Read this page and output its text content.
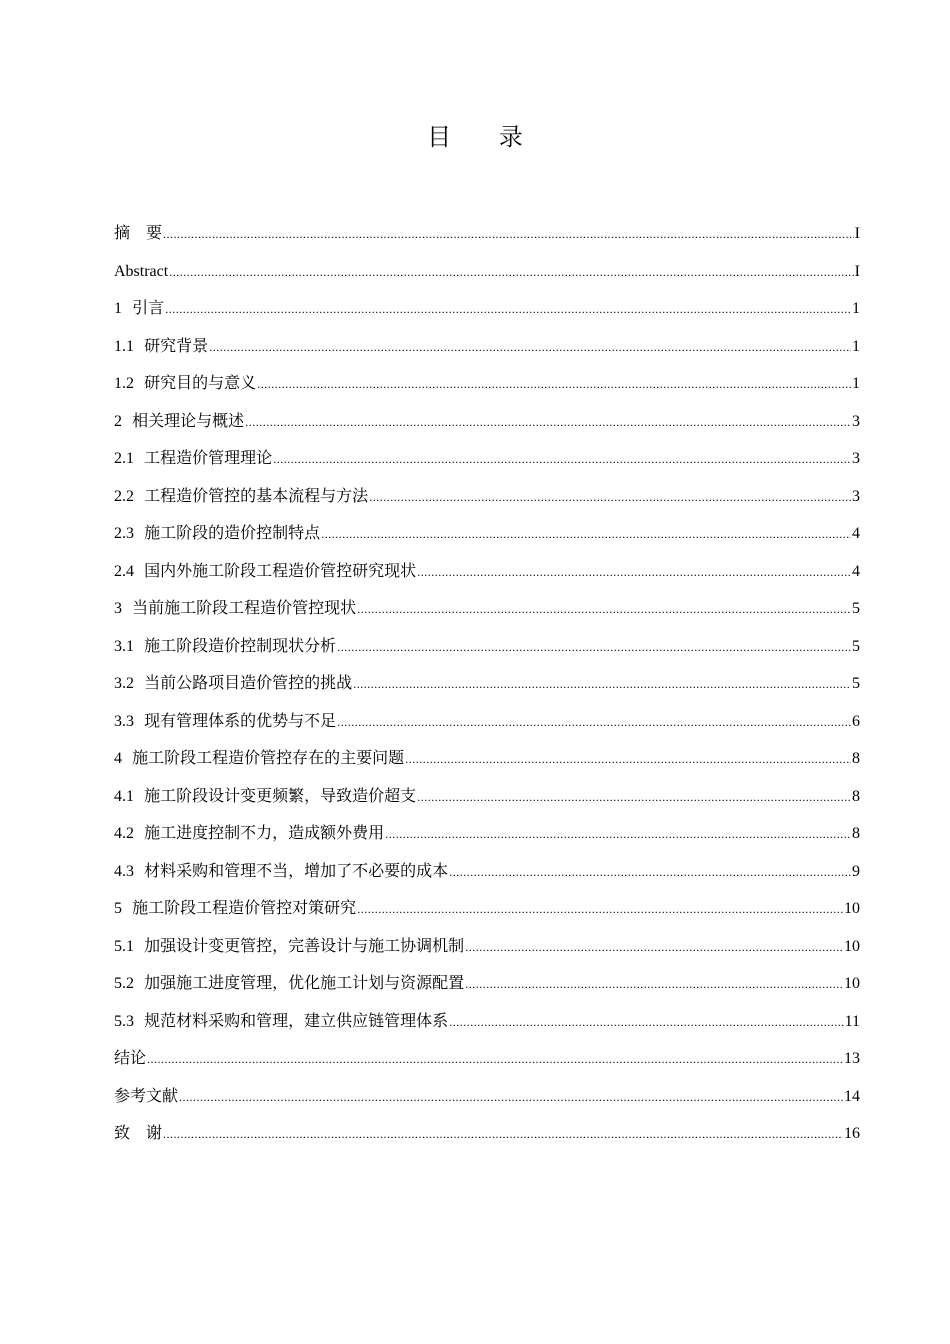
目 录
摘　要 .....	I
Abstract .....	I
1 引言 .....	1
1.1 研究背景 .....	1
1.2 研究目的与意义 .....	1
2 相关理论与概述 .....	3
2.1 工程造价管理理论 .....	3
2.2 工程造价管控的基本流程与方法 .....	3
2.3 施工阶段的造价控制特点 .....	4
2.4 国内外施工阶段工程造价管控研究现状 .....	4
3 当前施工阶段工程造价管控现状 .....	5
3.1 施工阶段造价控制现状分析 .....	5
3.2 当前公路项目造价管控的挑战 .....	5
3.3 现有管理体系的优势与不足 .....	6
4 施工阶段工程造价管控存在的主要问题 .....	8
4.1 施工阶段设计变更频繁，导致造价超支 .....	8
4.2 施工进度控制不力，造成额外费用 .....	8
4.3 材料采购和管理不当，增加了不必要的成本 .....	9
5 施工阶段工程造价管控对策研究 .....	10
5.1 加强设计变更管控，完善设计与施工协调机制 .....	10
5.2 加强施工进度管理，优化施工计划与资源配置 .....	10
5.3 规范材料采购和管理，建立供应链管理体系 .....	11
结论 .....	13
参考文献 .....	14
致　谢 .....	16
